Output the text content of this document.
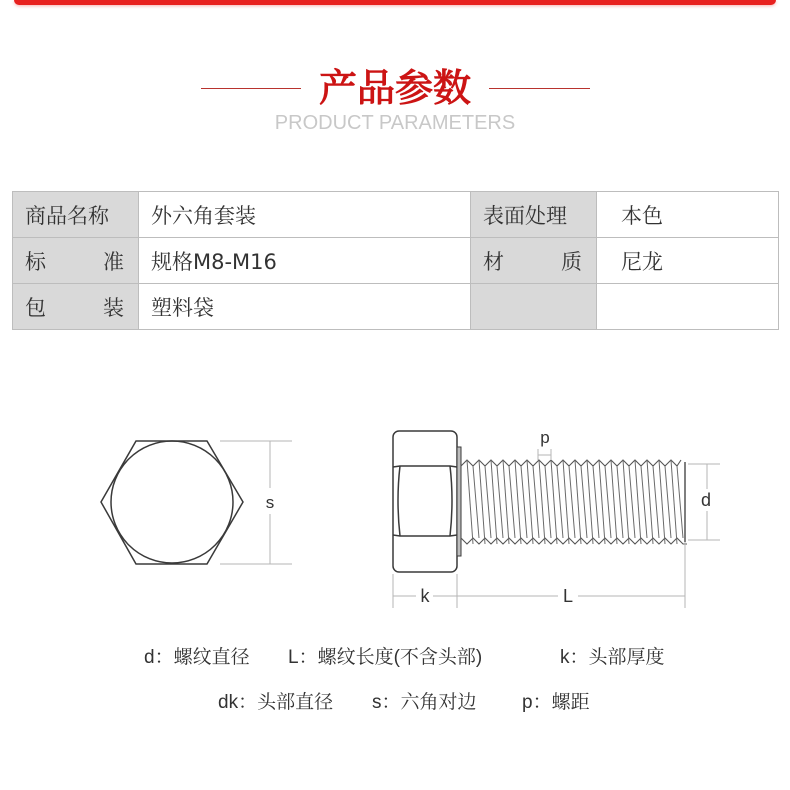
产品参数
PRODUCT PARAMETERS
商品名称	外六角套装	表面处理	本色

标 准	规格M8-M16	材 质	尼龙

包 装	塑料袋		

s
p
d
k	L
d：螺纹直径 L：螺纹长度(不含头部)	k：头部厚度
dk：头部直径 s：六角对边 p：螺距
